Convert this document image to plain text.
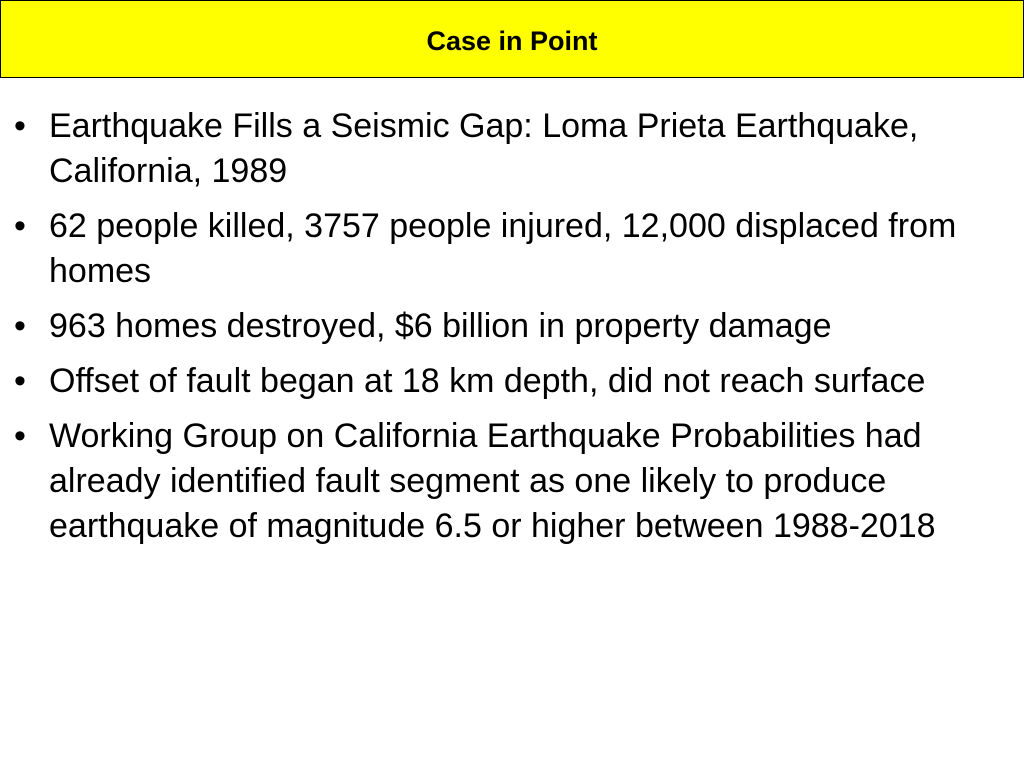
Case in Point
• Earthquake Fills a Seismic Gap: Loma Prieta Earthquake, California, 1989
• 62 people killed, 3757 people injured, 12,000 displaced from homes
• 963 homes destroyed, $6 billion in property damage
• Offset of fault began at 18 km depth, did not reach surface
• Working Group on California Earthquake Probabilities had already identified fault segment as one likely to produce earthquake of magnitude 6.5 or higher between 1988-2018
